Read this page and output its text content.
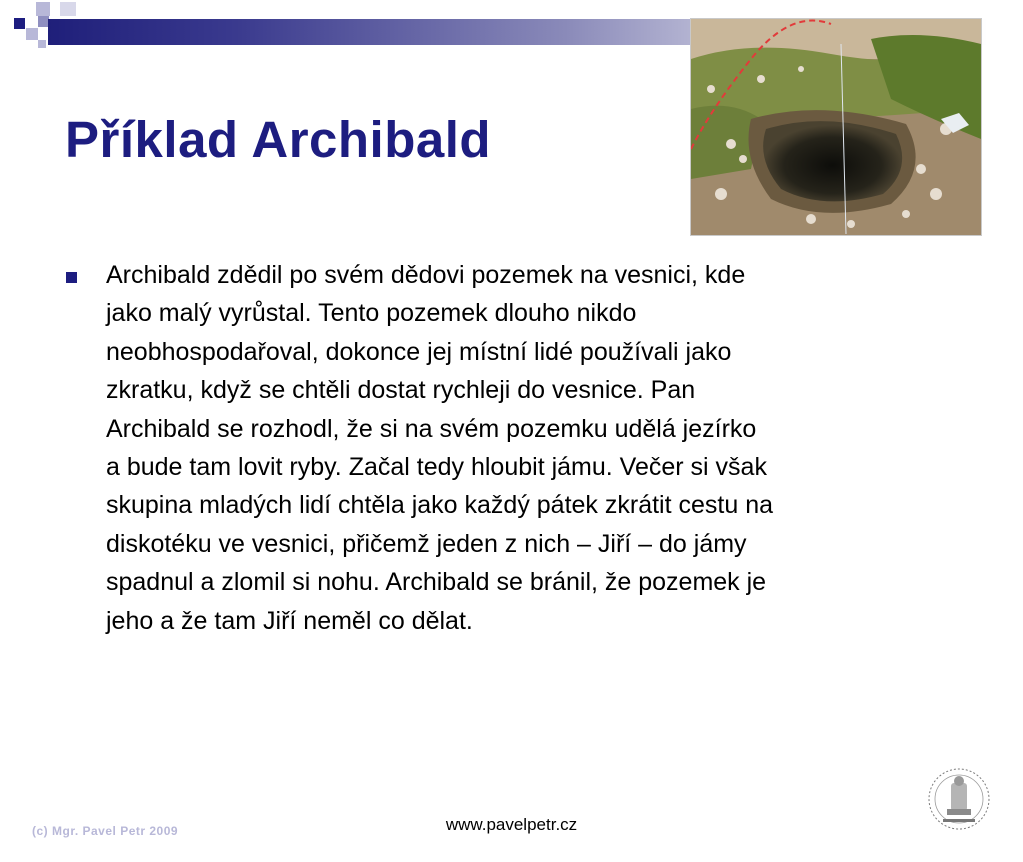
Příklad Archibald

Archibald zdědil po svém dědovi pozemek na vesnici, kde
jako malý vyrůstal. Tento pozemek dlouho nikdo
neobhospodařoval, dokonce jej místní lidé používali jako
zkratku, když se chtěli dostat rychleji do vesnice. Pan
Archibald se rozhodl, že si na svém pozemku udělá jezírko
a bude tam lovit ryby. Začal tedy hloubit jámu. Večer si však
skupina mladých lidí chtěla jako každý pátek zkrátit cestu na
diskotéku ve vesnici, přičemž jeden z nich – Jiří – do jámy
spadnul a zlomil si nohu. Archibald se bránil, že pozemek je
jeho a že tam Jiří neměl co dělat.

www.pavelpetr.cz
(c) Mgr. Pavel Petr 2009
